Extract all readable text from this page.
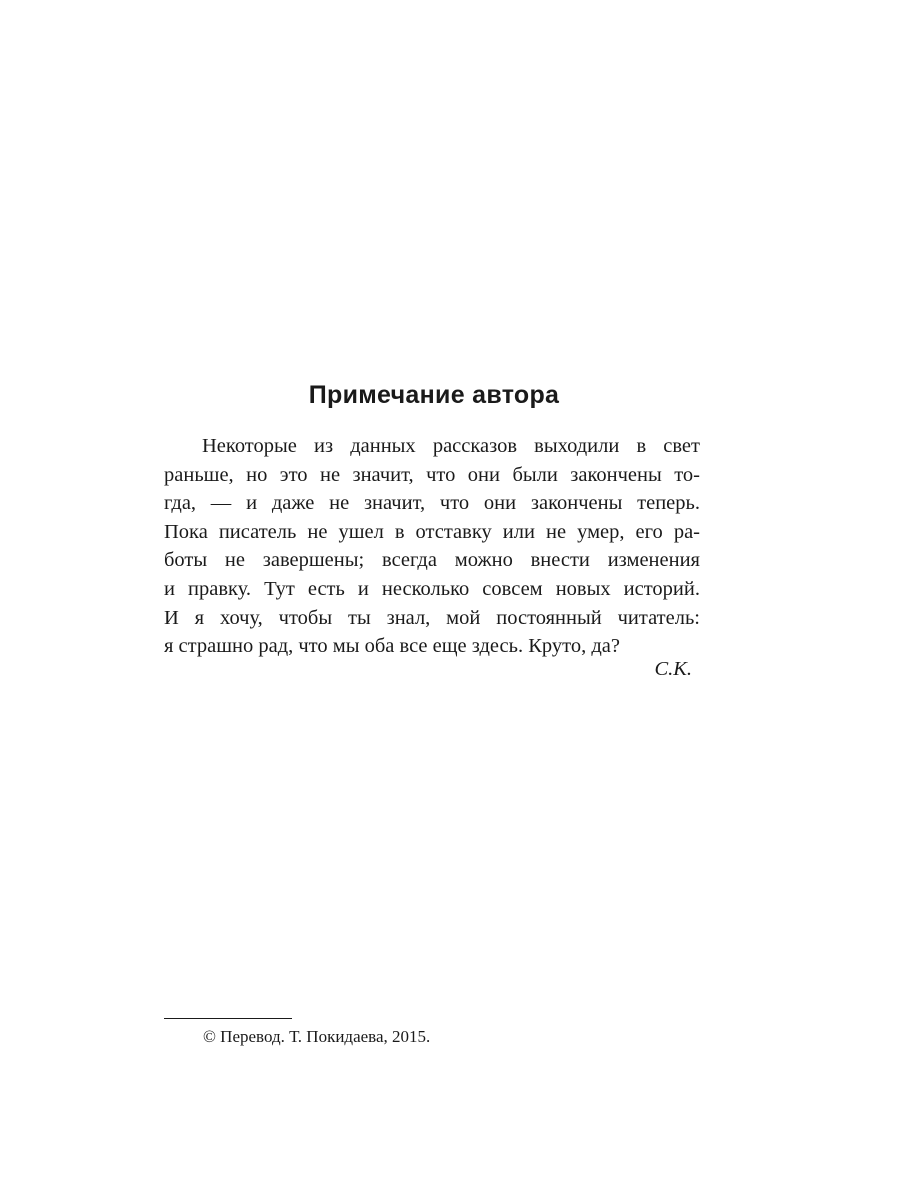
Примечание автора
Некоторые из данных рассказов выходили в свет
раньше, но это не значит, что они были закончены то-
гда, — и даже не значит, что они закончены теперь.
Пока писатель не ушел в отставку или не умер, его ра-
боты не завершены; всегда можно внести изменения
и правку. Тут есть и несколько совсем новых историй.
И я хочу, чтобы ты знал, мой постоянный читатель:
я страшно рад, что мы оба все еще здесь. Круто, да?

С.К.

© Перевод. Т. Покидаева, 2015.
